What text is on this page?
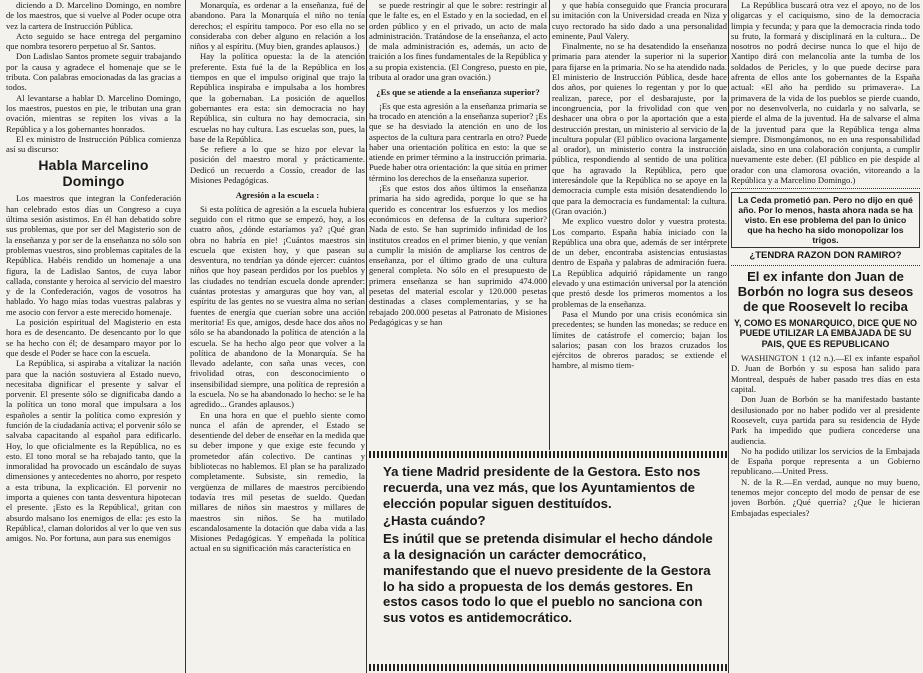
diciendo a D. Marcelino Domingo, en nombre de los maestros, que si vuelve al Poder ocupe otra vez la cartera de Instrucción Pública.

Acto seguido se hace entrega del pergamino que nombra tesorero perpetuo al Sr. Santos.

Don Ladislao Santos promete seguir trabajando por la causa y agradece el homenaje que se le tributa. Con palabras emocionadas da las gracias a todos.

Al levantarse a hablar D. Marcelino Domingo, los maestros, puestos en pie, le tributan una gran ovación, mientras se repiten los vivas a la República y a los gobernantes honrados.

El ex ministro de Instrucción Pública comienza así su discurso:

Habla Marcelino Domingo

Los maestros que integran la Confederación han celebrado estos días un Congreso a cuya última sesión asistimos. En él han debatido sobre sus problemas, que por ser del Magisterio son de la enseñanza y por ser de la enseñanza no sólo son problemas vuestros, sino problemas capitales de la República. Habéis rendido un homenaje a una figura, la de Ladislao Santos, de cuya labor callada, constante y heroica al servicio del maestro y de la Confederación, vagos de vosotros ha hablado. Yo hago mías todas vuestras palabras y me asocio con fervor a este merecido homenaje.

La posición espiritual del Magisterio en esta hora es de desencanto. De desencanto por lo que se ha hecho con él; de desamparo mayor por lo que desde el Poder se hace con la escuela.

La República, si aspiraba a vitalizar la nación para que la nación sostuviera al Estado nuevo, necesitaba dignificar el presente y salvar el porvenir. El presente sólo se dignificaba dando a la política un tono moral que impulsara a los españoles a sentir la política como expresión y función de la ciudadanía activa; el porvenir sólo se salvaba capacitando al español para edificarlo. Hoy, lo que oficialmente es la República, no es esto. El tono moral se ha rebajado tanto, que la inmoralidad ha provocado un escándalo de suyas dimensiones y antecedentes no ahorro, por respeto a esta tribuna, la explicación. El porvenir no importa a quienes con tanta desventura hipotecan el presente. ¡Esto es la República!, gritan con absurdo malsano los enemigos de ella: ¡es esto la República!, claman doloridos al ver lo que ven sus amigos. No. Por fortuna, aun para sus enemigos

Monarquía, es ordenar a la enseñanza, fué de abandono. Para la Monarquía el niño no tenía derechos; el espíritu tampoco. Por eso ella no se consideraba con deber alguno en relación a los niños y al espíritu. (Muy bien, grandes aplausos.)

Hay la política opuesta: la de la atención preferente. Esta fué la de la República en los tiempos en que el impulso original que trajo la República inspiraba e impulsaba a los hombres que la gobernaban. La posición de aquellos gobernantes era esta: sin democracia no hay República, sin cultura no hay democracia, sin escuelas no hay cultura. Las escuelas son, pues, la base de la República.

Se refiere a lo que se hizo por elevar la posición del maestro moral y prácticamente. Dedicó un recuerdo a Cossío, creador de las Misiones Pedagógicas.

Agresión a la escuela :

Si esta política de agresión a la escuela hubiera seguido con el ritmo que se empezó, hoy, a los cuatro años, ¿dónde estaríamos ya? ¡Qué gran obra no habría en pie! ¡Cuántos maestros sin escuela que existen hoy, y que pasean su desventura, no tendrían ya dónde ejercer: cuántos niños que hoy pasean perdidos por los pueblos y las ciudades no tendrían escuela donde aprender: cuántas protestas y amarguras que hoy van, al espíritu de las gentes no se vuestra alma no serían fuentes de energía que cuerían sobre una acción meritoria! Es que, amigos, desde hace dos años no sólo se ha abandonado la política de atención a la escuela. Se ha hecho algo peor que volver a la política de abandono de la Monarquía. Se ha llevado adelante, con saña unas veces, con frivolidad otras, con desconocimiento o insensibilidad siempre, una política de represión a la escuela. No se ha abandonado lo hecho: se le ha agredido... Grandes aplausos.)

En una hora en que el pueblo siente como nunca el afán de aprender, el Estado se desentiende del deber de enseñar en la medida que su deber impone y que exige este fecundo y prometedor afán colectivo. De cantinas y bibliotecas no hablemos. El plan se ha paralizado completamente. Subsiste, sin remedio, la vergüenza de millares de maestros percibiendo todavía tres mil pesetas de sueldo. Quedan millares de niños sin maestros y millares de maestros sin niños. Se ha mutilado escandalosamente la dotación que daba vida a las Misiones Pedagógicas. Y empeñada la política actual en su significación más característica en

se puede restringir al que le sobre: restringir al que le falte es, en el Estado y en la sociedad, en el orden público y en el privado, un acto de mala administración. Tratándose de la enseñanza, el acto de mala administración es, además, un acto de traición a los fines fundamentales de la República y a su propia existencia. (El Congreso, puesto en pie, tributa al orador una gran ovación.)

¿Es que se atiende a la enseñanza superior?

¡Es que esta agresión a la enseñanza primaria se ha trocado en atención a la enseñanza superior? ¡Es que se ha desviado la atención en uno de los aspectos de la cultura para centrarla en otro? Puede haber una orientación política en esto: la que se atiende en primer término a la instrucción primaria. Puede haber otra orientación: la que sitúa en primer término los derechos de la enseñanza superior.

¡Es que estos dos años últimos la enseñanza primaria ha sido agredida, porque lo que se ha querido es concentrar los esfuerzos y los medios económicos en defensa de la cultura superior? Nada de esto. Se han suprimido infinidad de los institutos creados en el primer bienio, y que venían a cumplir la misión de ampliarse los centros de enseñanza, por el último grado de una cultura general completa. No sólo en el presupuesto de primera enseñanza se han suprimido 474.000 pesetas del material escolar y 120.000 pesetas destinadas a clases complementarias, y se ha rebajado 200.000 pesetas al Patronato de Misiones Pedagógicas y se han

y que había conseguido que Francia procurara su imitación con la Universidad creada en Niza y cuyo rectorado ha sido dado a una personalidad eminente, Paul Valery.

Finalmente, no se ha desatendido la enseñanza primaria para atender la superior ni la superior para fijarse en la primaria. No se ha atendido nada. El ministerio de Instrucción Pública, desde hace dos años, por quienes lo regentan y por lo que realizan, parece, por el desbarajuste, por la incongruencia, por la frivolidad con que ven deshacer una obra o por la aportación que a esta destrucción prestan, un ministerio al servicio de la incultura popular (El público ovaciona largamente al orador), un ministerio contra la instrucción pública, respondiendo al sentido de una política que ha agravado la República, pero que interesándole que la República no se apoye en la democracia cumple esta misión desatendiendo lo que para la democracia es fundamental: la cultura. (Gran ovación.)

Me explico vuestro dolor y vuestra protesta. Los comparto. España había iniciado con la República una obra que, además de ser intérprete de un deber, encontraba asistencias entusiastas dentro de España y palabras de admiración fuera. La República adquirió rápidamente un rango elevado y una estimación universal por la atención que prestó desde los primeros momentos a los problemas de la enseñanza.

Pasa el Mundo por una crisis económica sin precedentes; se hunden las monedas; se reduce en límites de catástrofe el comercio; bajan los salarios; pasan con los brazos cruzados los ejércitos de obreros parados; se extiende el hambre, al mismo tiem-

Ya tiene Madrid presidente de la Gestora. Esto nos recuerda, una vez más, que los Ayuntamientos de elección popular siguen destituídos.

¿Hasta cuándo?

Es inútil que se pretenda disimular el hecho dándole a la designación un carácter democrático, manifestando que el nuevo presidente de la Gestora lo ha sido a propuesta de los demás gestores. En estos casos todo lo que el pueblo no sanciona con sus votos es antidemocrático.

La República buscará otra vez el apoyo, no de los oligarcas y el caciquismo, sino de la democracia limpia y fecunda; y para que la democracia rinda todo su fruto, la formará y disciplinará en la cultura... De nosotros no podrá decirse nunca lo que el hijo de Xantipo dirá con melancolía ante la tumba de los soldados de Pericles, y lo que puede decirse para afrenta de ellos ante los gobernantes de la España actual: «El año ha perdido su primavera». La primavera de la vida de los pueblos se pierde cuando, por no desenvolverla, no cuidarla y no salvarla, se pierde el alma de la juventud. Ha de salvarse el alma de la juventud para que la República tenga alma siempre. Dismongámonos, no en una responsabilidad aislada, sino en una colaboración conjunta, a cumplir nuevamente este deber. (El público en pie despide al orador con una clamorosa ovación, vitoreando a la República y a Marcelino Domingo.)

La Ceda prometió pan. Pero no dijo en qué año. Por lo menos, hasta ahora nada se ha visto. En ese problema del pan lo único que ha hecho ha sido monopolizar los trigos.
¿TENDRA RAZON DON RAMIRO?
El ex infante don Juan de Borbón no logra sus deseos de que Roosevelt lo reciba
Y, COMO ES MONARQUICO, DICE QUE NO PUEDE UTILIZAR LA EMBAJADA DE SU PAIS, QUE ES REPUBLICANO

WASHINGTON 1 (12 n.).—El ex infante español D. Juan de Borbón y su esposa han salido para Montreal, después de haber pasado tres días en esta capital.

Don Juan de Borbón se ha manifestado bastante desilusionado por no haber podido ver al presidente Roosevelt, cuya partida para su residencia de Hyde Park ha impedido que pudiera concederse una audiencia.

No ha podido utilizar los servicios de la Embajada de España porque representa a un Gobierno republicano.—United Press.

N. de la R.—En verdad, aunque no muy bueno, tenemos mejor concepto del modo de pensar de ese joven Borbón. ¿Qué querría? ¿Que le hicieran Embajadas especiales?
